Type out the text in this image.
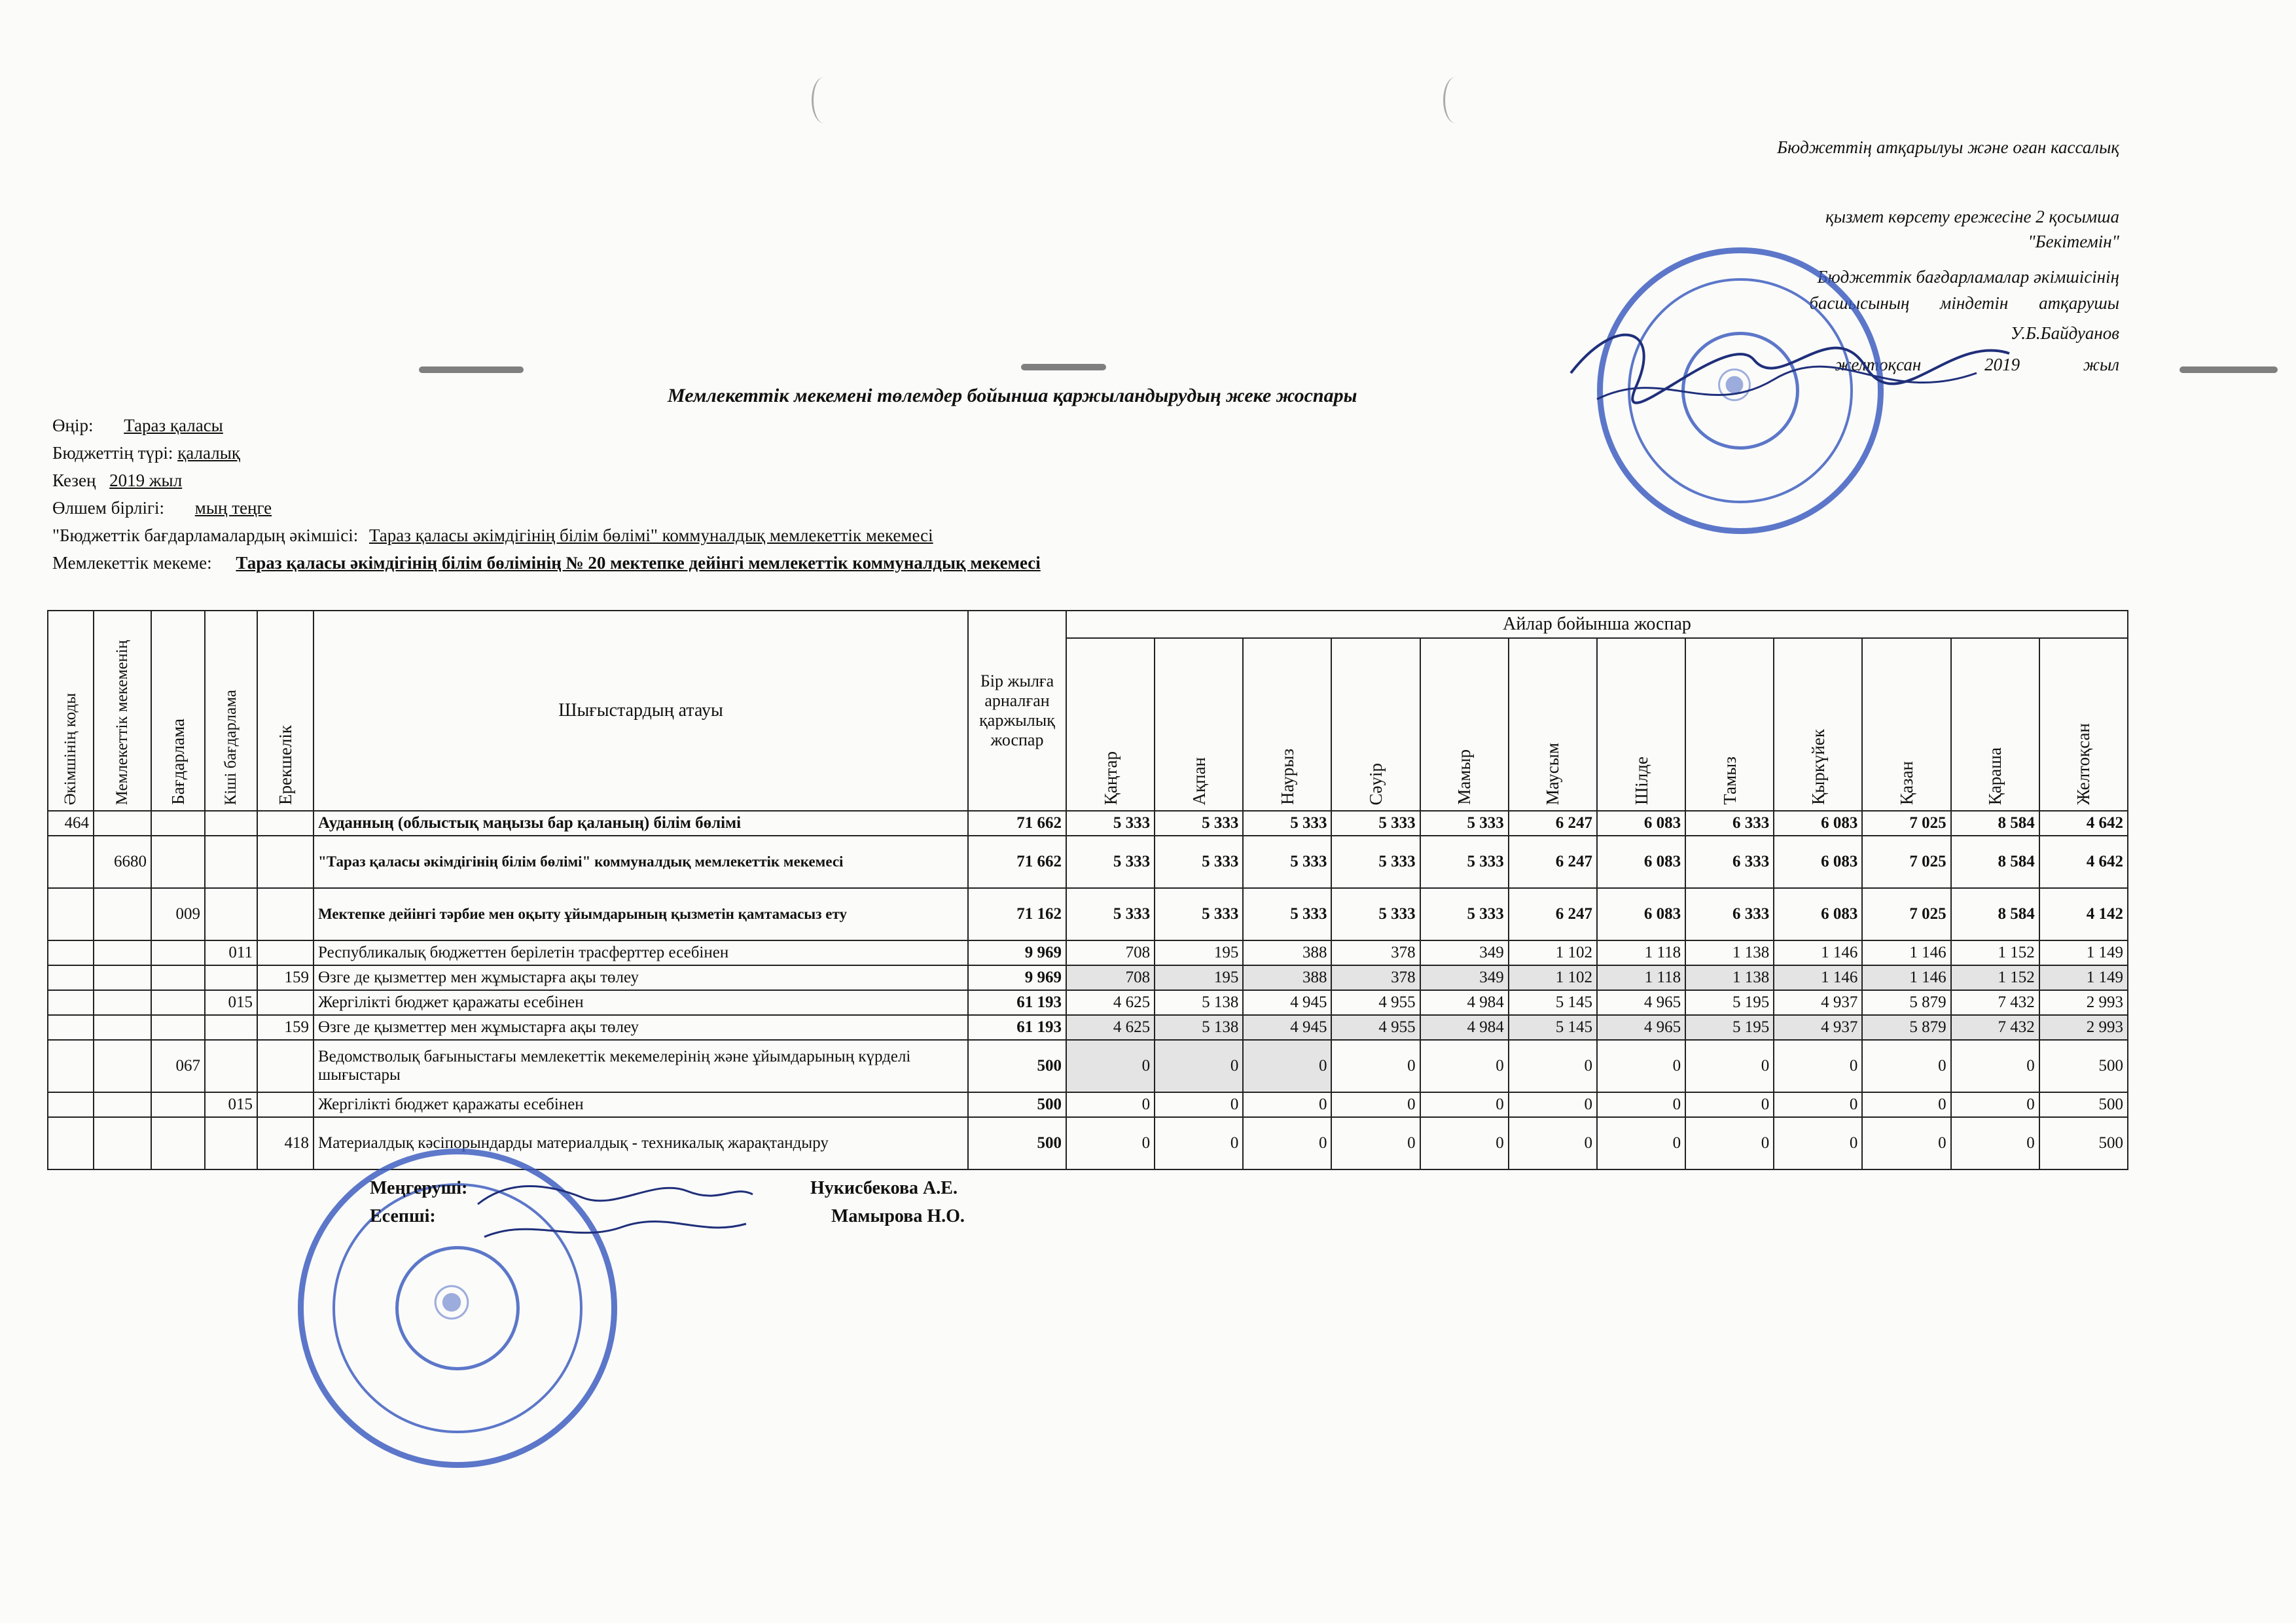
Бюджеттің атқарылуы және оған кассалық
қызмет көрсету ережесіне 2 қосымша
"Бекітемін"
Бюджеттік бағдарламалар әкімшісінің
басшысының міндетін атқарушы
У.Б.Байдуанов
желтоқсан 2019 жыл
Мемлекеттік мекемені төлемдер бойынша қаржыландырудың жеке жоспары
Өңір: Тараз қаласы
Бюджеттің түрі: қалалық
Кезең 2019 жыл
Өлшем бірлігі: мың теңге
"Бюджеттік бағдарламалардың әкімшісі: Тараз қаласы әкімдігінің білім бөлімі" коммуналдық мемлекеттік мекемесі
Мемлекеттік мекеме: Тараз қаласы әкімдігінің білім бөлімінің № 20 мектепке дейінгі мемлекеттік коммуналдық мекемесі
Әкімшінің коды	Мемлекеттік мекеменің	Бағдарлама	Кіші бағдарлама	Ерекшелік	Шығыстардың атауы	Бір жылға арналған қаржылық жоспар	Айлар бойынша жоспар											

							Қаңтар	Ақпан	Наурыз	Сәуір	Мамыр	Маусым	Шілде	Тамыз	Қыркүйек	Қазан	Қараша	Желтоқсан

464					Ауданның (облыстық маңызы бар қаланың) білім бөлімі	71 662	5 333	5 333	5 333	5 333	5 333	6 247	6 083	6 333	6 083	7 025	8 584	4 642
	6680				"Тараз қаласы әкімдігінің білім бөлімі" коммуналдық мемлекеттік мекемесі	71 662	5 333	5 333	5 333	5 333	5 333	6 247	6 083	6 333	6 083	7 025	8 584	4 642
		009			Мектепке дейінгі тәрбие мен оқыту ұйымдарының қызметін қамтамасыз ету	71 162	5 333	5 333	5 333	5 333	5 333	6 247	6 083	6 333	6 083	7 025	8 584	4 142
			011		Республикалық бюджеттен берілетін трасферттер есебінен	9 969	708	195	388	378	349	1 102	1 118	1 138	1 146	1 146	1 152	1 149
				159	Өзге де қызметтер мен жұмыстарға ақы төлеу	9 969	708	195	388	378	349	1 102	1 118	1 138	1 146	1 146	1 152	1 149
			015		Жергілікті бюджет қаражаты есебінен	61 193	4 625	5 138	4 945	4 955	4 984	5 145	4 965	5 195	4 937	5 879	7 432	2 993
				159	Өзге де қызметтер мен жұмыстарға ақы төлеу	61 193	4 625	5 138	4 945	4 955	4 984	5 145	4 965	5 195	4 937	5 879	7 432	2 993
		067			Ведомстволық бағыныстағы мемлекеттік мекемелерінің және ұйымдарының күрделі шығыстары	500	0	0	0	0	0	0	0	0	0	0	0	500
			015		Жергілікті бюджет қаражаты есебінен	500	0	0	0	0	0	0	0	0	0	0	0	500
				418	Материалдық кәсіпорындарды материалдық - техникалық жарақтандыру	500	0	0	0	0	0	0	0	0	0	0	0	500
Меңгеруші:	Нукисбекова А.Е.
Есепші:	Мамырова Н.О.
